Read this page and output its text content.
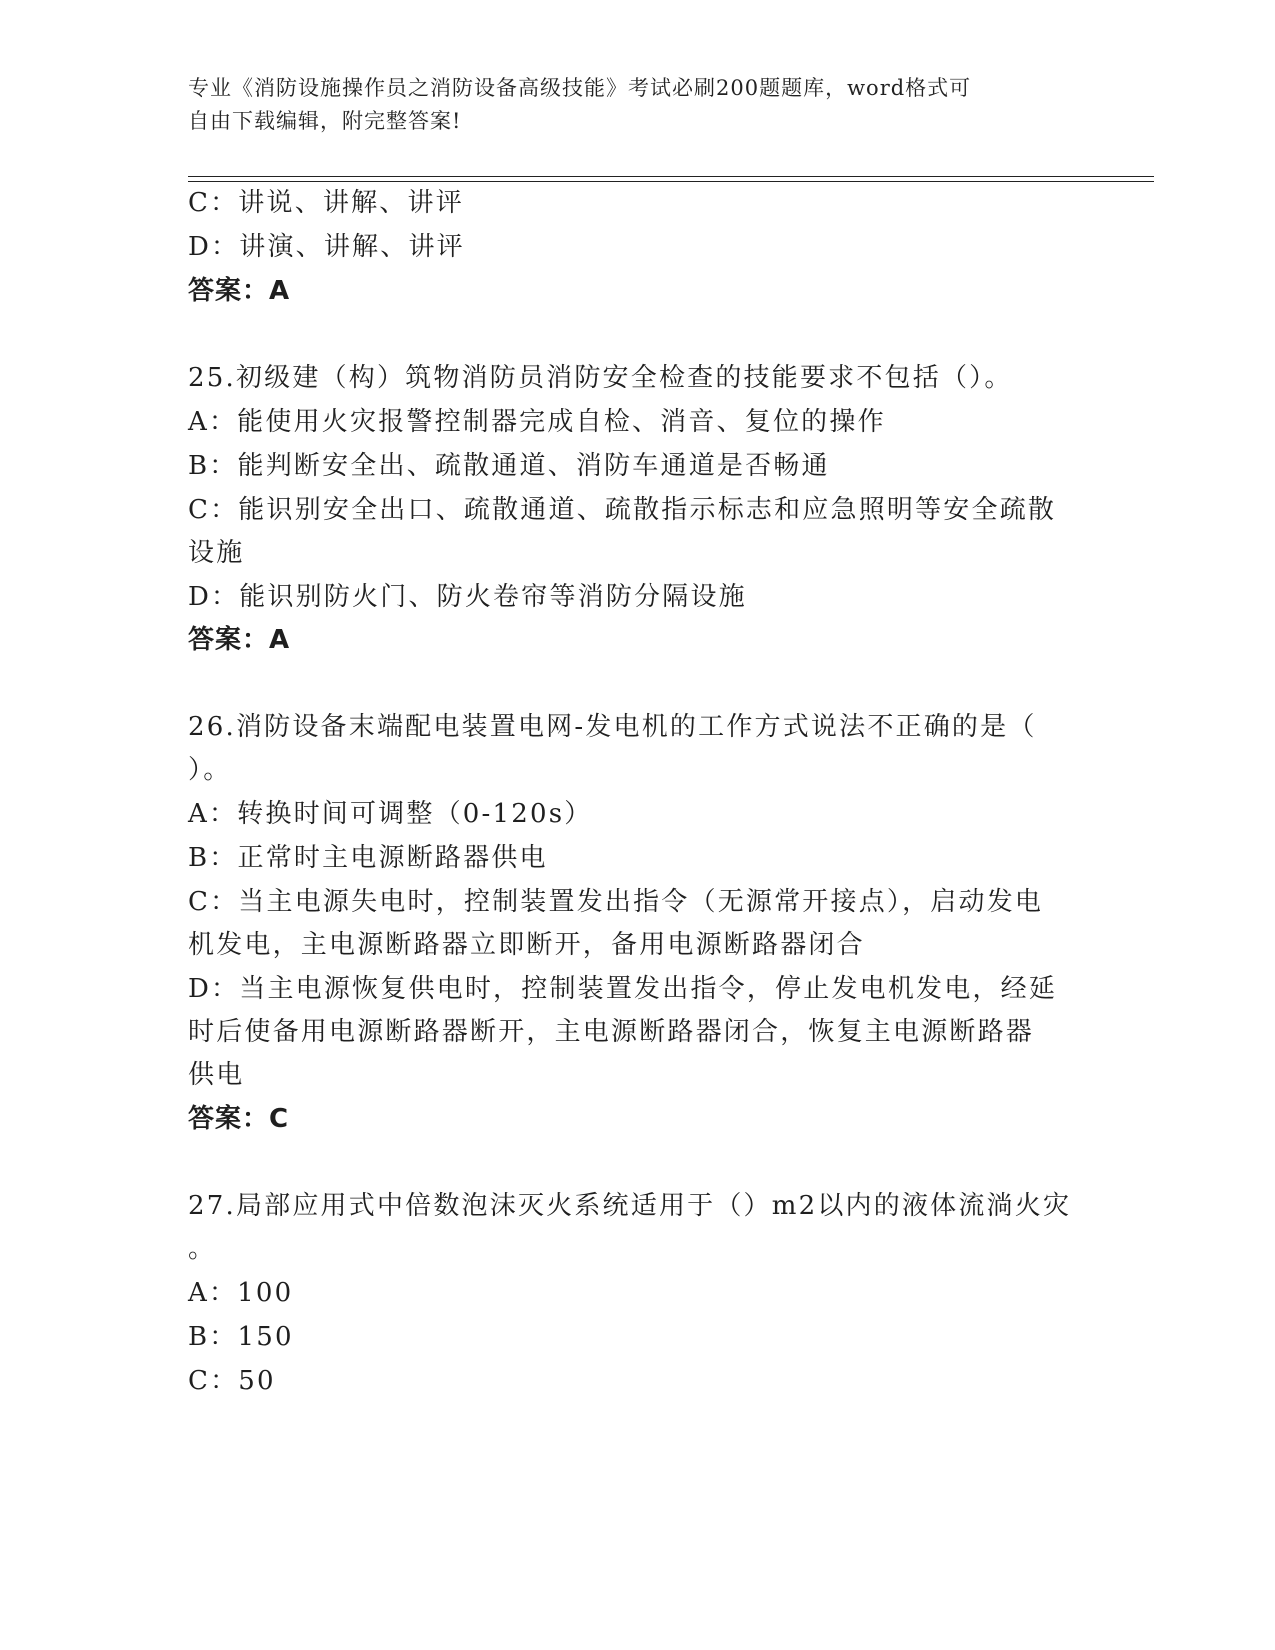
专业《消防设施操作员之消防设备高级技能》考试必刷200题题库，word格式可
自由下载编辑，附完整答案!
C：讲说、讲解、讲评
D：讲演、讲解、讲评
答案：A
25.初级建（构）筑物消防员消防安全检查的技能要求不包括（）。
A：能使用火灾报警控制器完成自检、消音、复位的操作
B：能判断安全出、疏散通道、消防车通道是否畅通
C：能识别安全出口、疏散通道、疏散指示标志和应急照明等安全疏散
设施
D：能识别防火门、防火卷帘等消防分隔设施
答案：A
26.消防设备末端配电装置电网-发电机的工作方式说法不正确的是（
）。
A：转换时间可调整（0-120s）
B：正常时主电源断路器供电
C：当主电源失电时，控制装置发出指令（无源常开接点），启动发电
机发电，主电源断路器立即断开，备用电源断路器闭合
D：当主电源恢复供电时，控制装置发出指令，停止发电机发电，经延
时后使备用电源断路器断开，主电源断路器闭合，恢复主电源断路器
供电
答案：C
27.局部应用式中倍数泡沫灭火系统适用于（）m2以内的液体流淌火灾
。
A：100
B：150
C：50
